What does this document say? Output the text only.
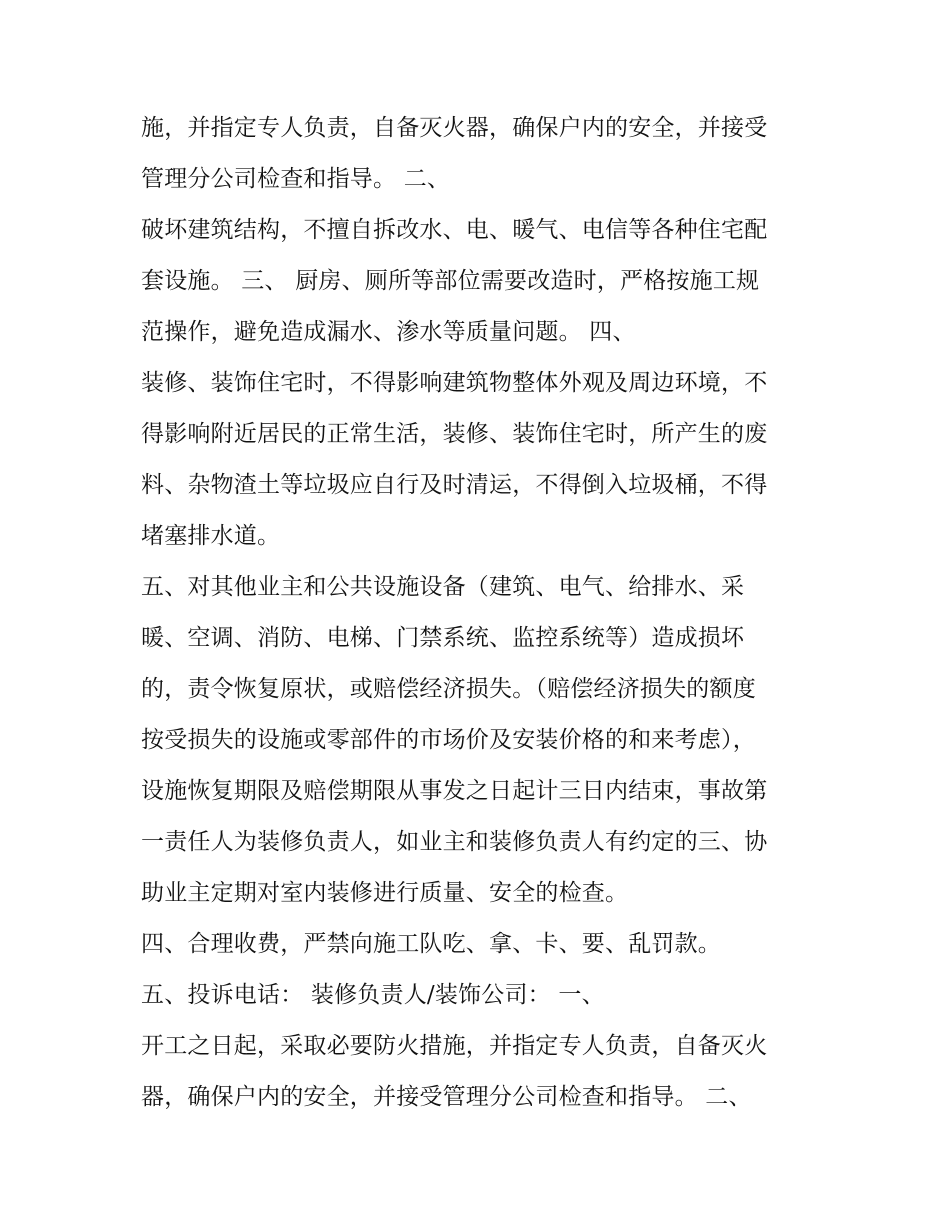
施，并指定专人负责，自备灭火器，确保户内的安全，并接受
管理分公司检查和指导。 二、
破坏建筑结构，不擅自拆改水、电、暖气、电信等各种住宅配
套设施。 三、 厨房、厕所等部位需要改造时，严格按施工规
范操作，避免造成漏水、渗水等质量问题。 四、
装修、装饰住宅时，不得影响建筑物整体外观及周边环境，不
得影响附近居民的正常生活，装修、装饰住宅时，所产生的废
料、杂物渣土等垃圾应自行及时清运，不得倒入垃圾桶，不得
堵塞排水道。
五、对其他业主和公共设施设备（建筑、电气、给排水、采
暖、空调、消防、电梯、门禁系统、监控系统等）造成损坏
的，责令恢复原状，或赔偿经济损失。（赔偿经济损失的额度
按受损失的设施或零部件的市场价及安装价格的和来考虑），
设施恢复期限及赔偿期限从事发之日起计三日内结束，事故第
一责任人为装修负责人，如业主和装修负责人有约定的三、协
助业主定期对室内装修进行质量、安全的检查。
四、合理收费，严禁向施工队吃、拿、卡、要、乱罚款。
五、投诉电话： 装修负责人/装饰公司： 一、
开工之日起，采取必要防火措施，并指定专人负责，自备灭火
器，确保户内的安全，并接受管理分公司检查和指导。 二、
